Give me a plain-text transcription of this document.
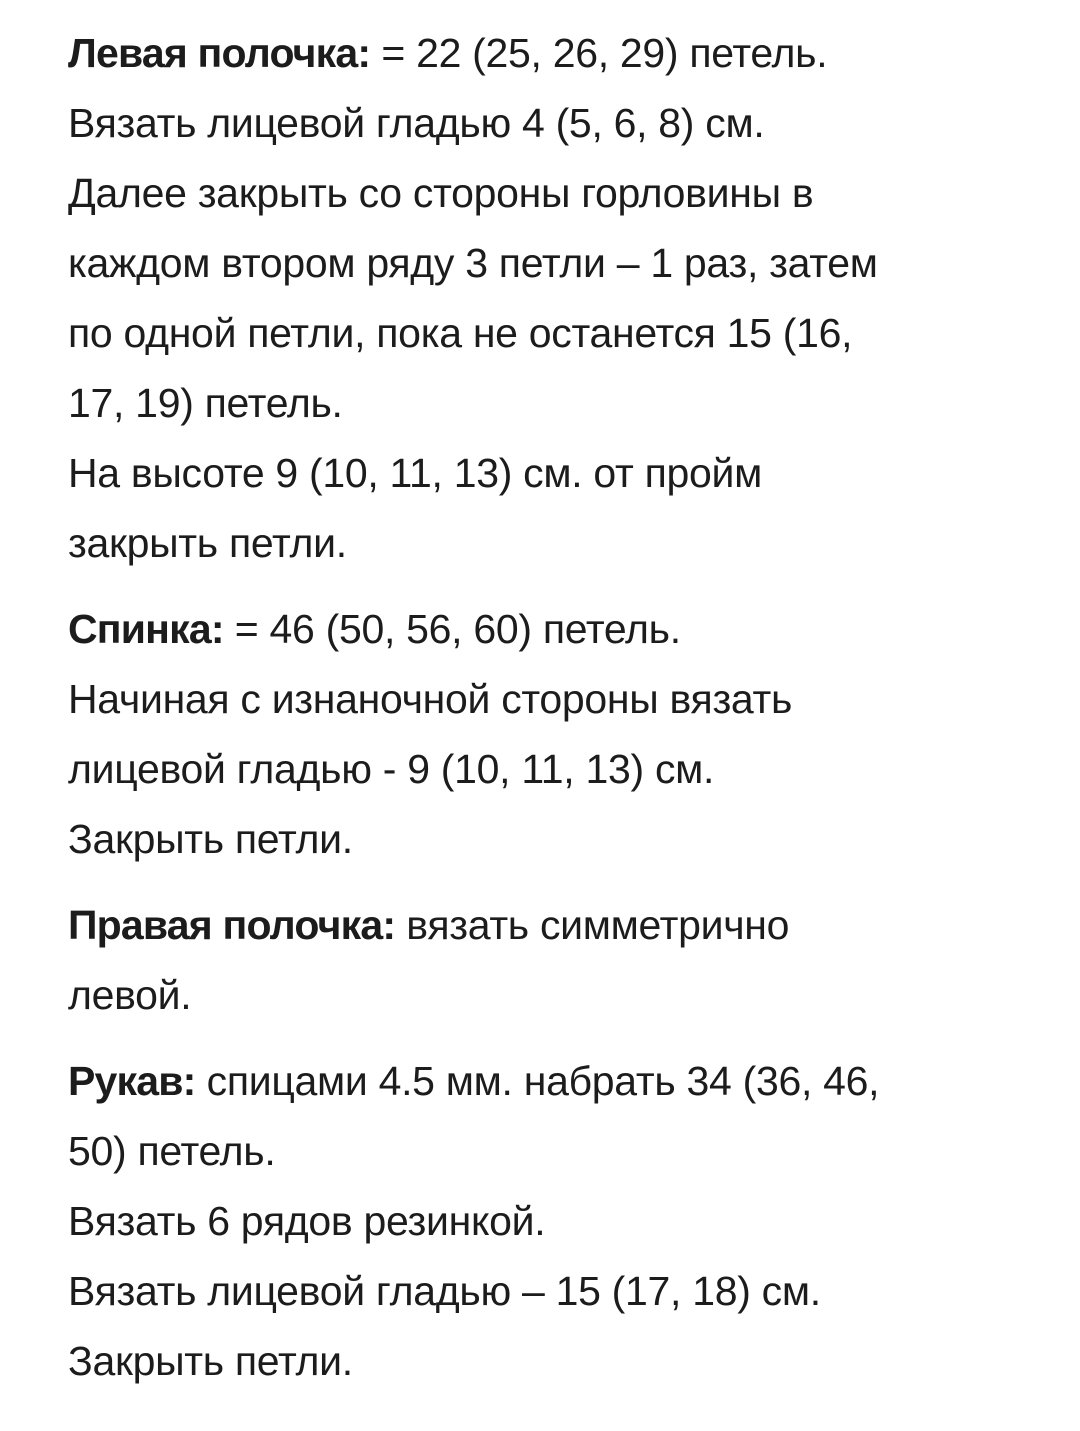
Левая полочка: = 22 (25, 26, 29) петель.
Вязать лицевой гладью 4 (5, 6, 8) см.
Далее закрыть со стороны горловины в
каждом втором ряду 3 петли – 1 раз, затем
по одной петли, пока не останется 15 (16,
17, 19) петель.
На высоте 9 (10, 11, 13) см. от пройм
закрыть петли.

Спинка: = 46 (50, 56, 60) петель.
Начиная с изнаночной стороны вязать
лицевой гладью - 9 (10, 11, 13) см.
Закрыть петли.

Правая полочка: вязать симметрично
левой.

Рукав: спицами 4.5 мм. набрать 34 (36, 46,
50) петель.
Вязать 6 рядов резинкой.
Вязать лицевой гладью – 15 (17, 18) см.
Закрыть петли.
